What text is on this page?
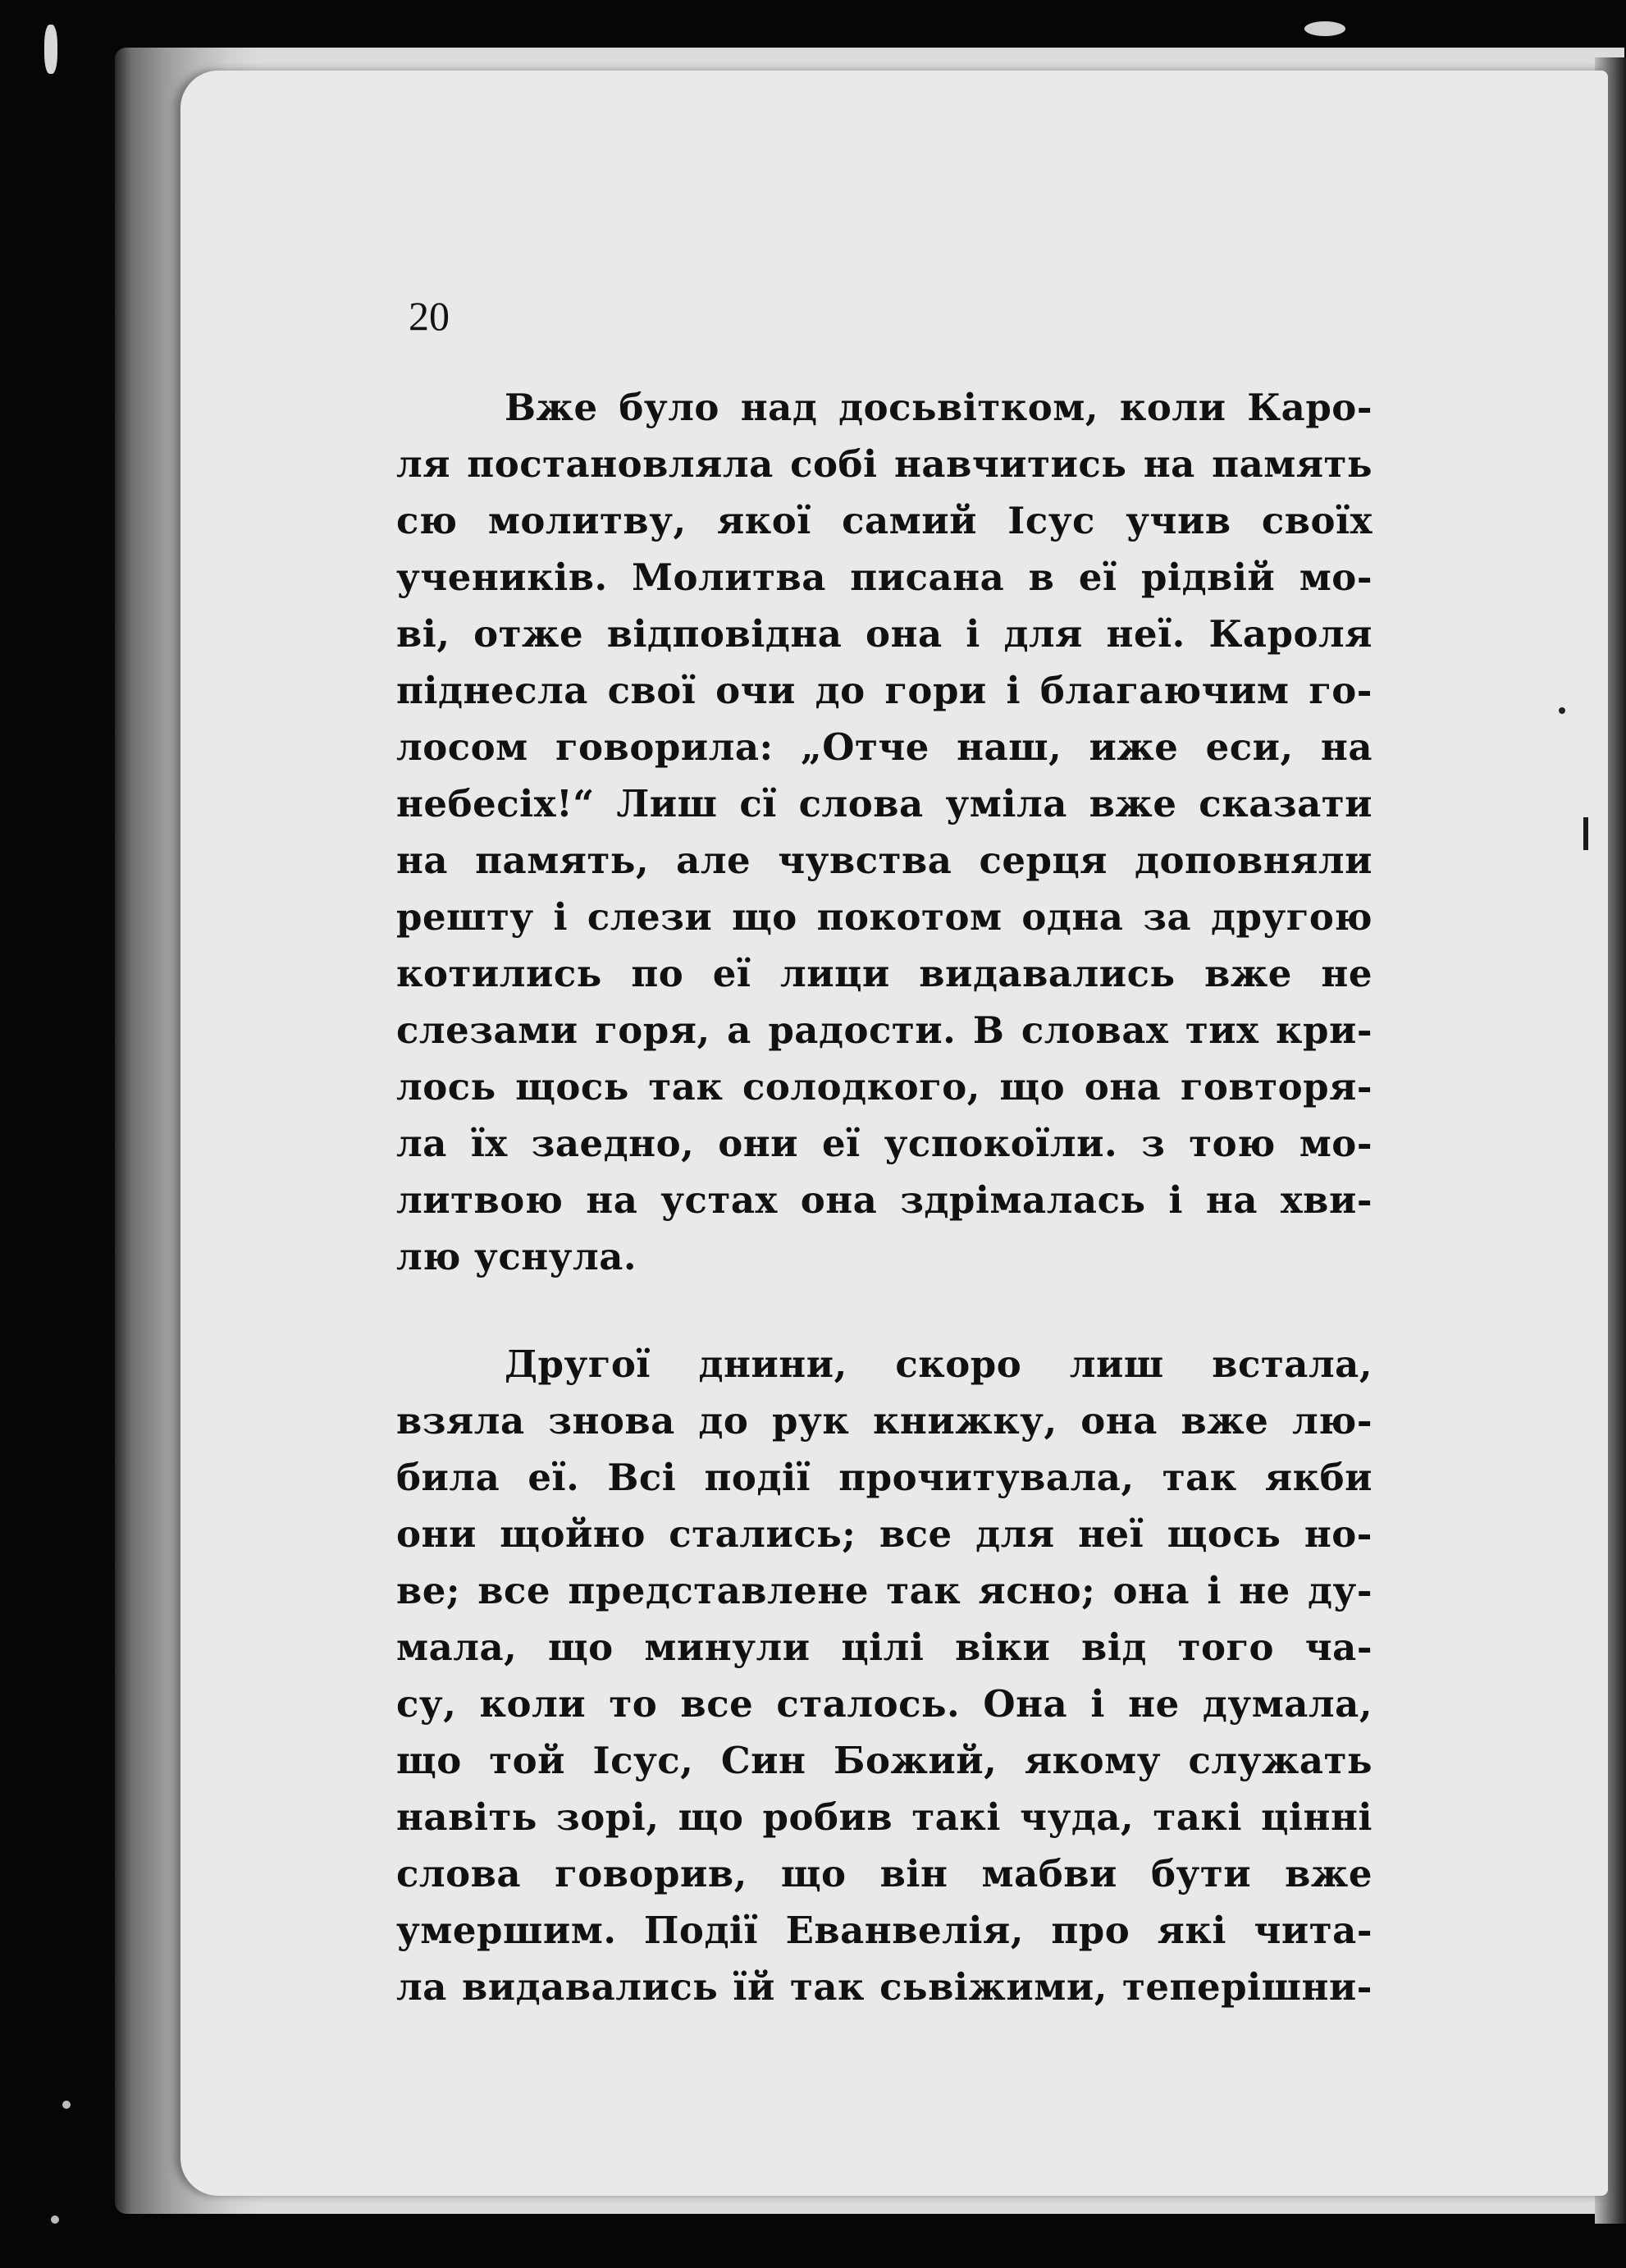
20
Вже було над досьвітком, коли Каро-
ля постановляла собі навчитись на память
сю молитву, якої самий Ісус учив своїх
учеників. Молитва писана в еї рідвій мо-
ві, отже відповідна она і для неї. Кароля
піднесла свої очи до гори і благаючим го-
лосом говорила: „Отче наш, иже еси, на
небесіх!“ Лиш сї слова уміла вже сказати
на память, але чувства серця доповняли
решту і слези що покотом одна за другою
котились по еї лици видавались вже не
слезами горя, а радости. В словах тих кри-
лось щось так солодкого, що она говторя-
ла їх заедно, они еї успокоїли. з тою мо-
литвою на устах она здрімалась і на хви-
лю уснула.
Другої днини, скоро лиш встала,
взяла знова до рук книжку, она вже лю-
била еї. Всі події прочитувала, так якби
они щойно стались; все для неї щось но-
ве; все представлене так ясно; она і не ду-
мала, що минули цілі віки від того ча-
су, коли то все сталось. Она і не думала,
що той Ісус, Син Божий, якому служать
навіть зорі, що робив такі чуда, такі цінні
слова говорив, що він мабви бути вже
умершим. Події Еванвелія, про які чита-
ла видавались їй так сьвіжими, теперішни-
